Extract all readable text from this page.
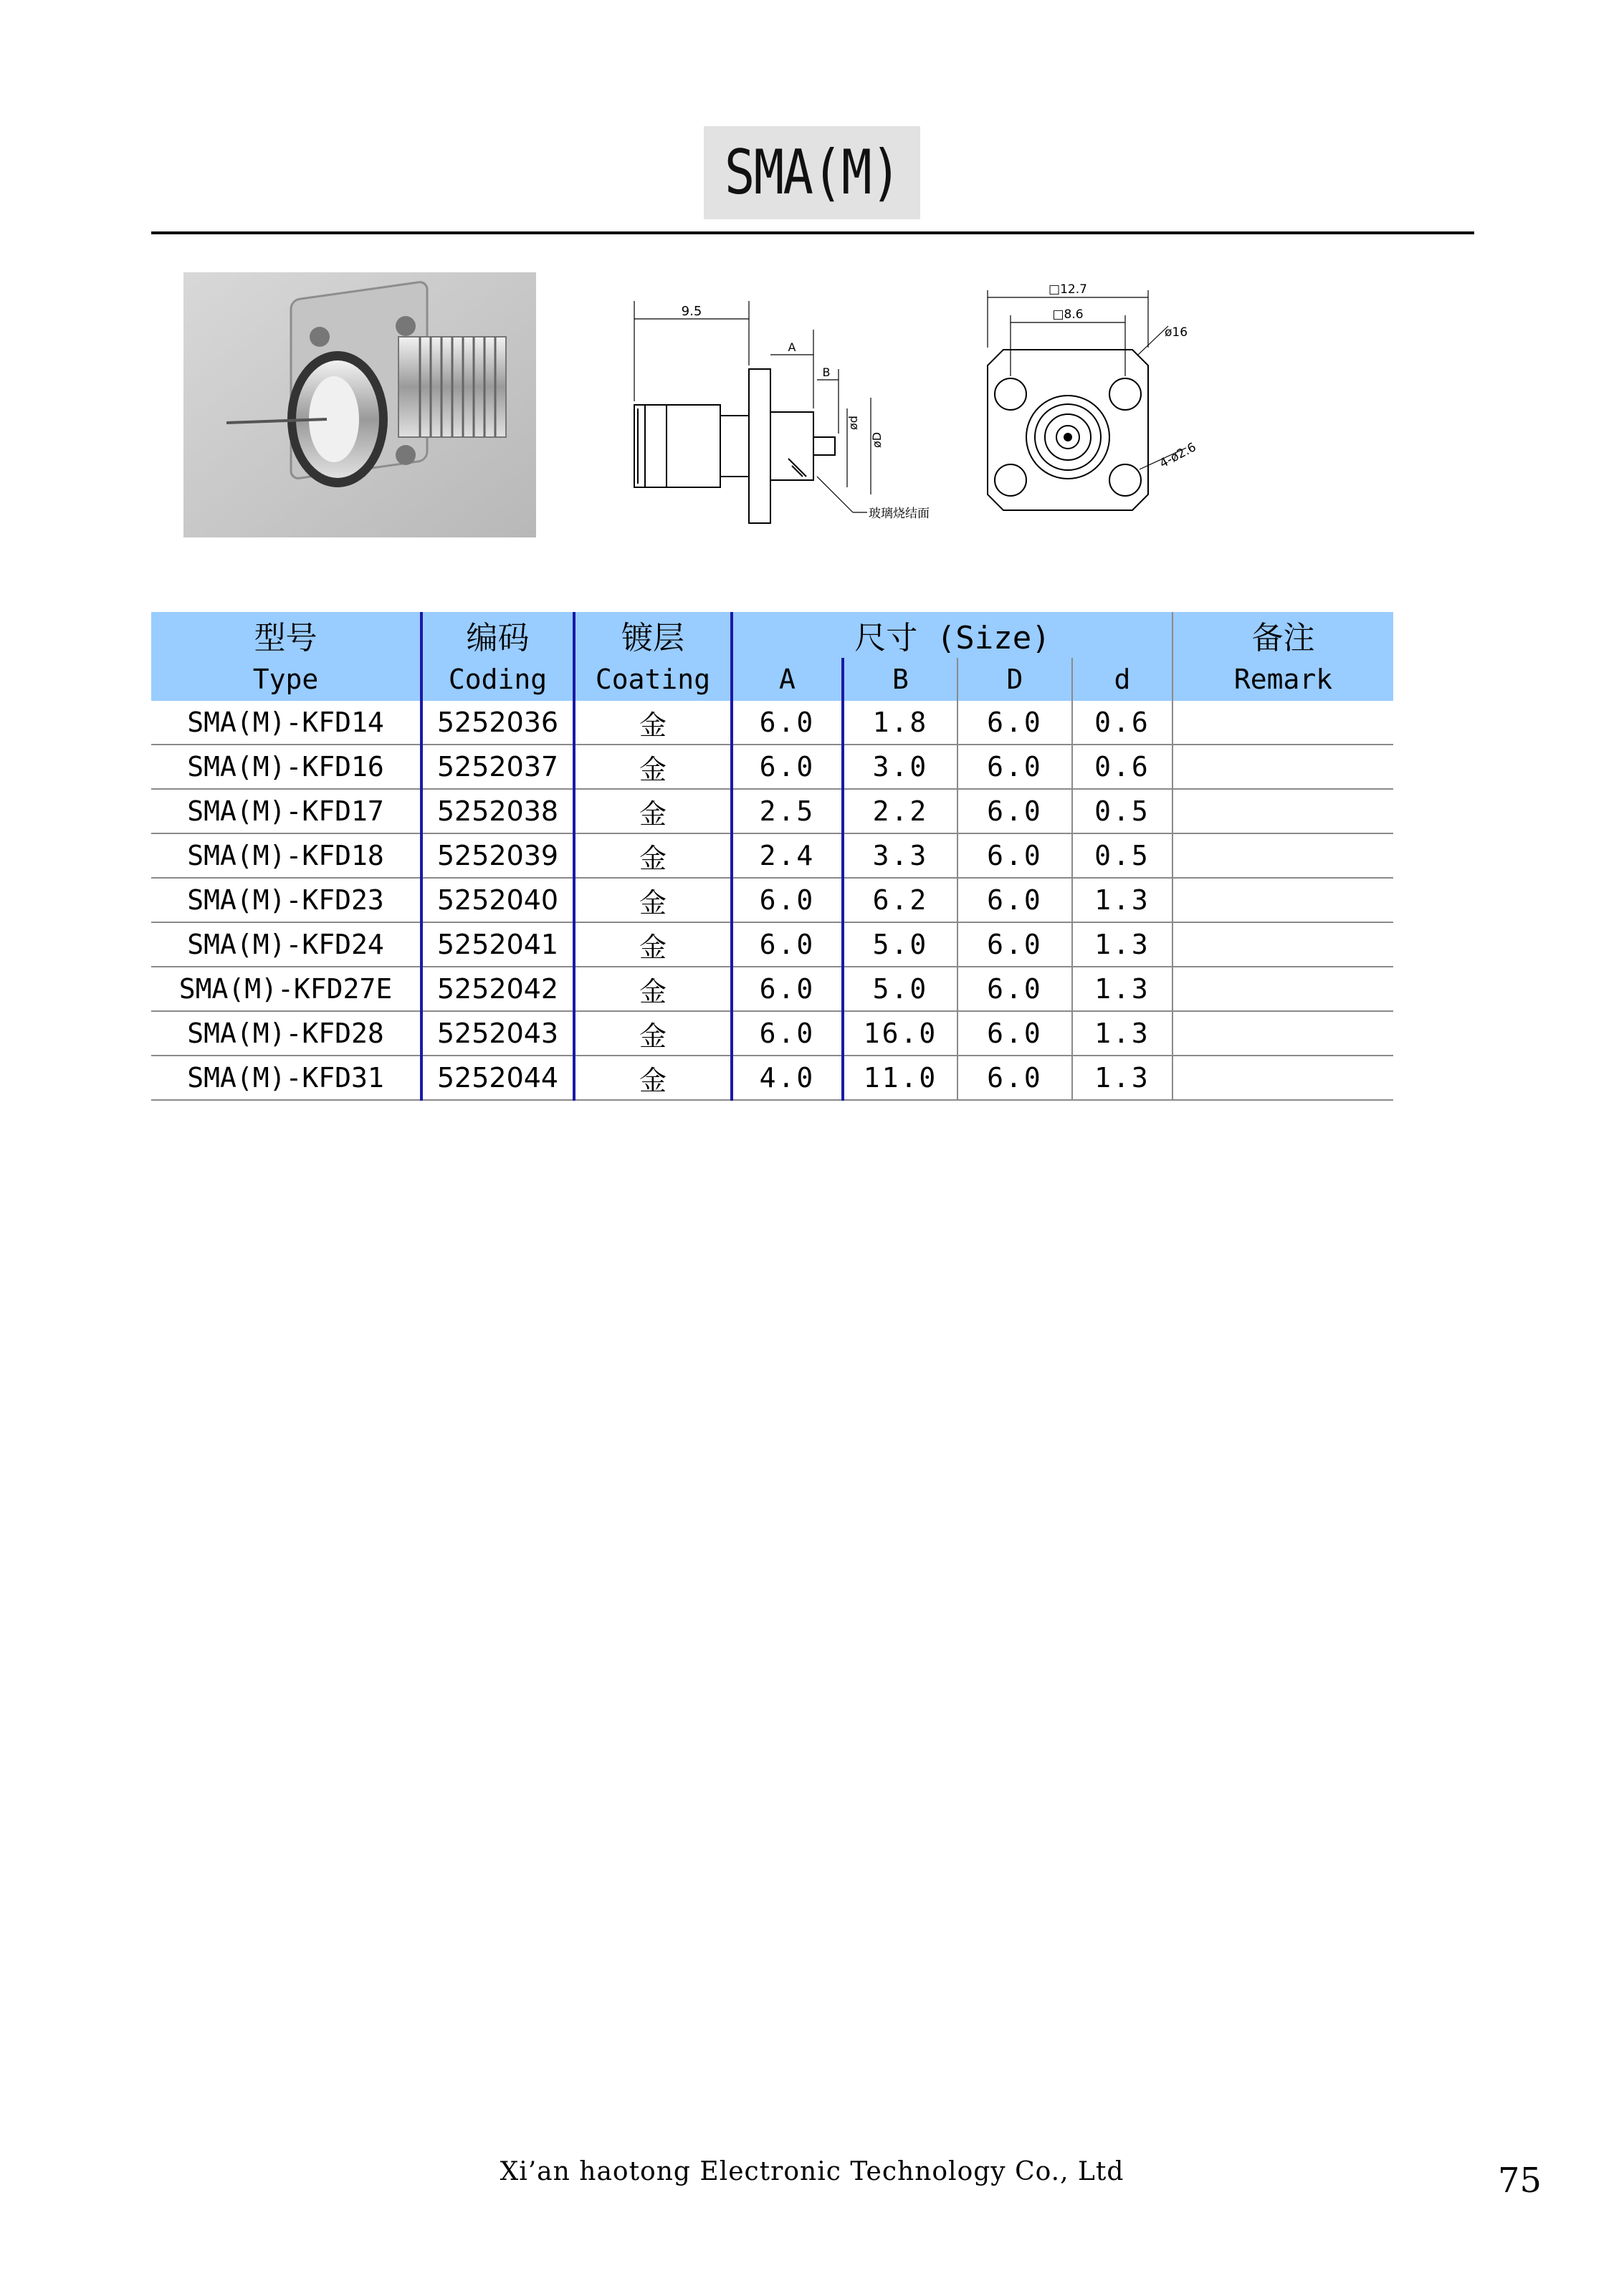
SMA(M)
9.5
A
B
ød
øD
玻璃烧结面
□12.7
□8.6
ø16
4-ø2.6
型号	编码	镀层	尺寸 (Size)				备注
Type	Coding	Coating	A	B	D	d	Remark
SMA(M)-KFD14	5252036	金	6.0	1.8	6.0	0.6	
SMA(M)-KFD16	5252037	金	6.0	3.0	6.0	0.6	
SMA(M)-KFD17	5252038	金	2.5	2.2	6.0	0.5	
SMA(M)-KFD18	5252039	金	2.4	3.3	6.0	0.5	
SMA(M)-KFD23	5252040	金	6.0	6.2	6.0	1.3	
SMA(M)-KFD24	5252041	金	6.0	5.0	6.0	1.3	
SMA(M)-KFD27E	5252042	金	6.0	5.0	6.0	1.3	
SMA(M)-KFD28	5252043	金	6.0	16.0	6.0	1.3	
SMA(M)-KFD31	5252044	金	4.0	11.0	6.0	1.3	
Xi’an haotong Electronic Technology Co., Ltd	75
